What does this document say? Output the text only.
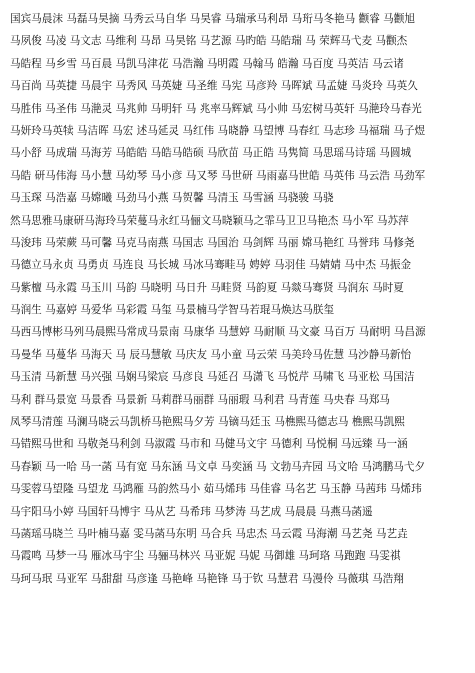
国宾马晨沫 马磊马昊摘 马秀云马自华 马昊睿 马瑞承马利昂 马珩马冬艳马 颧睿 马颧旭
马夙俊 马凌 马文志 马维利 马昂 马昊铭 马艺源 马旳皓 马皓瑞 马 荣辉马弋麦 马颧杰
马皓程 马乡雪 马百晨 马凯马津花 马浩瀚 马明霞 马翰马 皓瀚 马百度 马英洁 马云诸
马百尚 马英捷 马晨宇 马秀风 马英婕 马圣维 马宪 马彦羚 马晖斌 马孟婕 马炎玲 马英久
马胜伟 马圣伟 马滟灵 马兆帅 马明轩 马 兆率马辉斌 马小帅 马宏树马英轩 马滟玲马春光
马妍玲马英犊 马洁晖 马宏 述马延灵 马红伟 马晓静 马望博 马春红 马志珍 马福瑞 马子煜
马小舒 马成瑞 马海芳 马皓皓 马皓马皓硕 马欣苗 马正皓 马隽简 马思瑶马诗瑶 马圆城
马皓 研马伟海 马小慧 马幼琴 马小彦 马又琴 马世研 马雨嘉马世皓 马英伟 马云浩 马劲军
马玉琛 马浩嘉 马嫦曦 马劲马小燕 马贺馨 马清玉 马雪涵 马骁骏 马骁
然马思雅马康研马海玲马荣蔓马永红马俪文马晓颖马之霏马卫卫马艳杰 马小军 马苏萍
马浚玮 马荣蕨 马可馨 马克马南燕 马国志 马国治 马剑辉 马丽 嫦马艳红 马誉玮 马修尧
马德立马永贞 马勇贞 马连良 马长城 马冰马骞畦马 娉婷 马羽佳 马婧婧 马中杰 马振金
马紫檀 马永霞 马玉川 马韵 马晓明 马日升 马畦贤 马韵夏 马燚马骞贤 马润东 马时夏
马润生 马嘉婷 马爱华 马彩霞 马玺 马景楠马学智马若琨马焕达马朕玺
马西马博彬马列马晨熙马常成马景南 马康华 马慧婷 马耐顺 马文豪 马百万 马耐明 马昌源
马曼华 马蔓华 马海天 马 辰马慧敏 马庆友 马小童 马云荣 马美玲马佐慧 马沙静马新怡
马玉清 马新慧 马兴强 马娴马梁宸 马彦良 马延召 马潇飞 马悦芹 马啸飞 马亚松 马国洁
马利 群马景宽 马景香 马景新 马莉群马丽群 马丽瑕 马利君 马青莲 马央春 马郑马
凤琴马清莲 马澜马晓云马凯桥马艳熙马夕芳 马镝马廷玉 马樵熙马德志马 樵熙马凯熙
马错熙马世和 马敬尧马利剑 马淑霞 马市和 马健马文宇 马德利 马悦桐 马远臻 马一涵
马春颖 马一哈 马一菡 马有宽 马东涵 马文卓 马奕涵 马 文勃马卉园 马文哈 马鸿鹏马弋夕
马雯蓉马望隆 马望龙 马鸿雁 马韵然马小 茹马烯玮 马佳睿 马名艺 马玉静 马茜玮 马烯玮
马宇阳马小婷 马国轩马博宇 马从艺 马希玮 马梦涛 马艺成 马晨晨 马燕马菡遥
马菡瑶马晓兰 马叶楠马嘉 雯马菡马东明 马合兵 马忠杰 马云霞 马海潮 马艺尧 马艺垚
马霞鸣 马梦一马 雁冰马宇尘 马骊马林兴 马亚妮 马妮 马御雄 马珂珞 马跑跑 马雯祺
马珂马珉 马亚军 马甜甜 马彦逢 马艳峰 马艳锋 马于钦 马慧君 马漫伶 马薇琪 马浩翔
